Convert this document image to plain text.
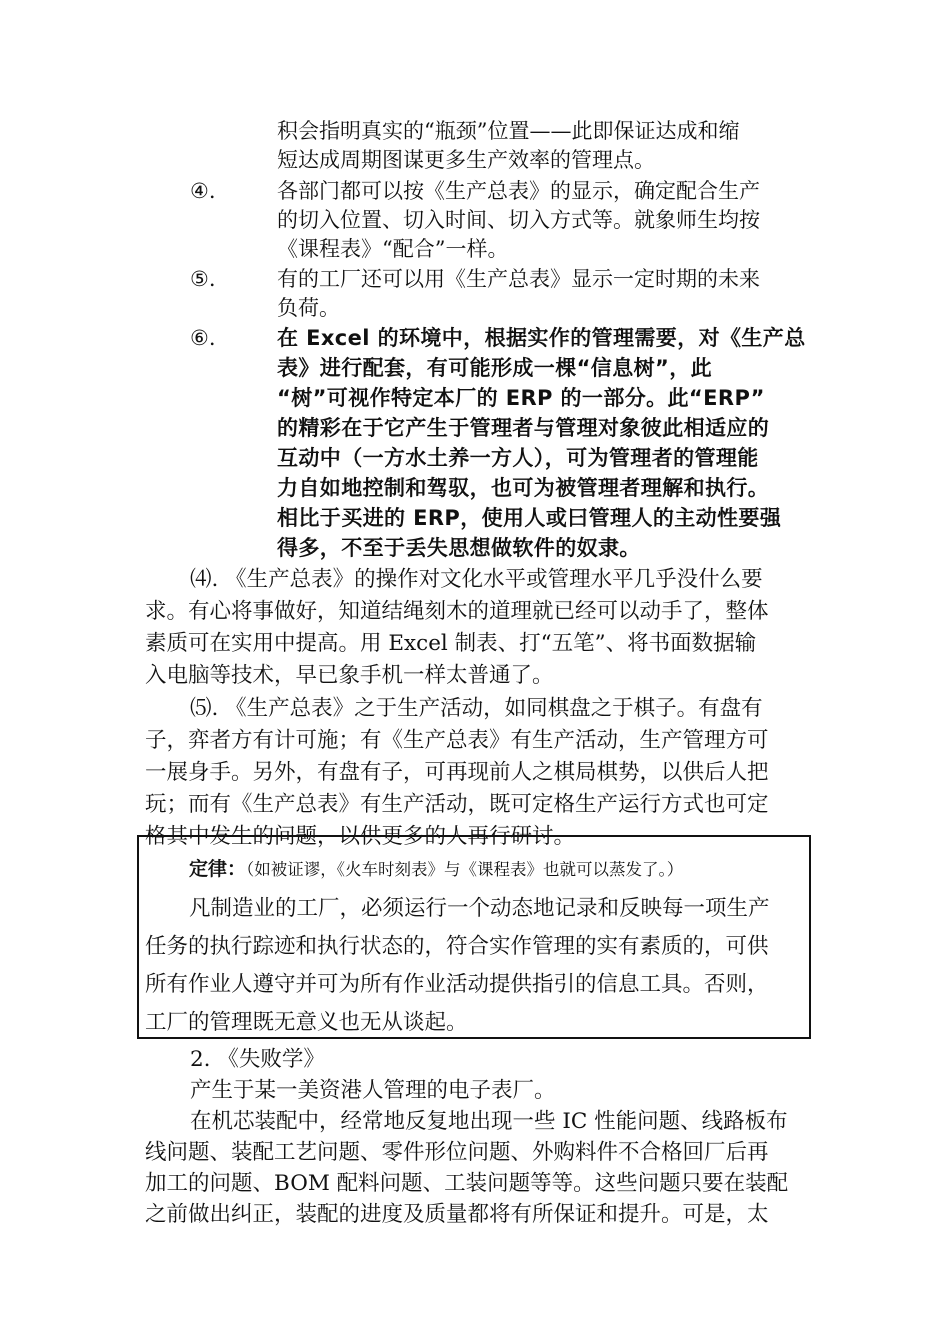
积会指明真实的“瓶颈”位置——此即保证达成和缩
短达成周期图谋更多生产效率的管理点。
④.	各部门都可以按《生产总表》的显示，确定配合生产
的切入位置、切入时间、切入方式等。就象师生均按
《课程表》“配合”一样。
⑤.	有的工厂还可以用《生产总表》显示一定时期的未来
负荷。
⑥.	在 Excel 的环境中，根据实作的管理需要，对《生产总
表》进行配套，有可能形成一棵“信息树”，此
“树”可视作特定本厂的 ERP 的一部分。此“ERP”
的精彩在于它产生于管理者与管理对象彼此相适应的
互动中（一方水土养一方人），可为管理者的管理能
力自如地控制和驾驭，也可为被管理者理解和执行。
相比于买进的 ERP，使用人或曰管理人的主动性要强
得多，不至于丢失思想做软件的奴隶。
⑷. 《生产总表》的操作对文化水平或管理水平几乎没什么要
求。有心将事做好，知道结绳刻木的道理就已经可以动手了，整体
素质可在实用中提高。用 Excel 制表、打“五笔”、将书面数据输
入电脑等技术，早已象手机一样太普通了。
⑸. 《生产总表》之于生产活动，如同棋盘之于棋子。有盘有
子，弈者方有计可施；有《生产总表》有生产活动，生产管理方可
一展身手。另外，有盘有子，可再现前人之棋局棋势，以供后人把
玩；而有《生产总表》有生产活动，既可定格生产运行方式也可定
格其中发生的问题，以供更多的人再行研讨。
定律：（如被证谬，《火车时刻表》与《课程表》也就可以蒸发了。）
凡制造业的工厂，必须运行一个动态地记录和反映每一项生产
任务的执行踪迹和执行状态的，符合实作管理的实有素质的，可供
所有作业人遵守并可为所有作业活动提供指引的信息工具。否则，
工厂的管理既无意义也无从谈起。
2. 《失败学》
产生于某一美资港人管理的电子表厂。
在机芯装配中，经常地反复地出现一些 IC 性能问题、线路板布
线问题、装配工艺问题、零件形位问题、外购料件不合格回厂后再
加工的问题、BOM 配料问题、工装问题等等。这些问题只要在装配
之前做出纠正，装配的进度及质量都将有所保证和提升。可是，太
